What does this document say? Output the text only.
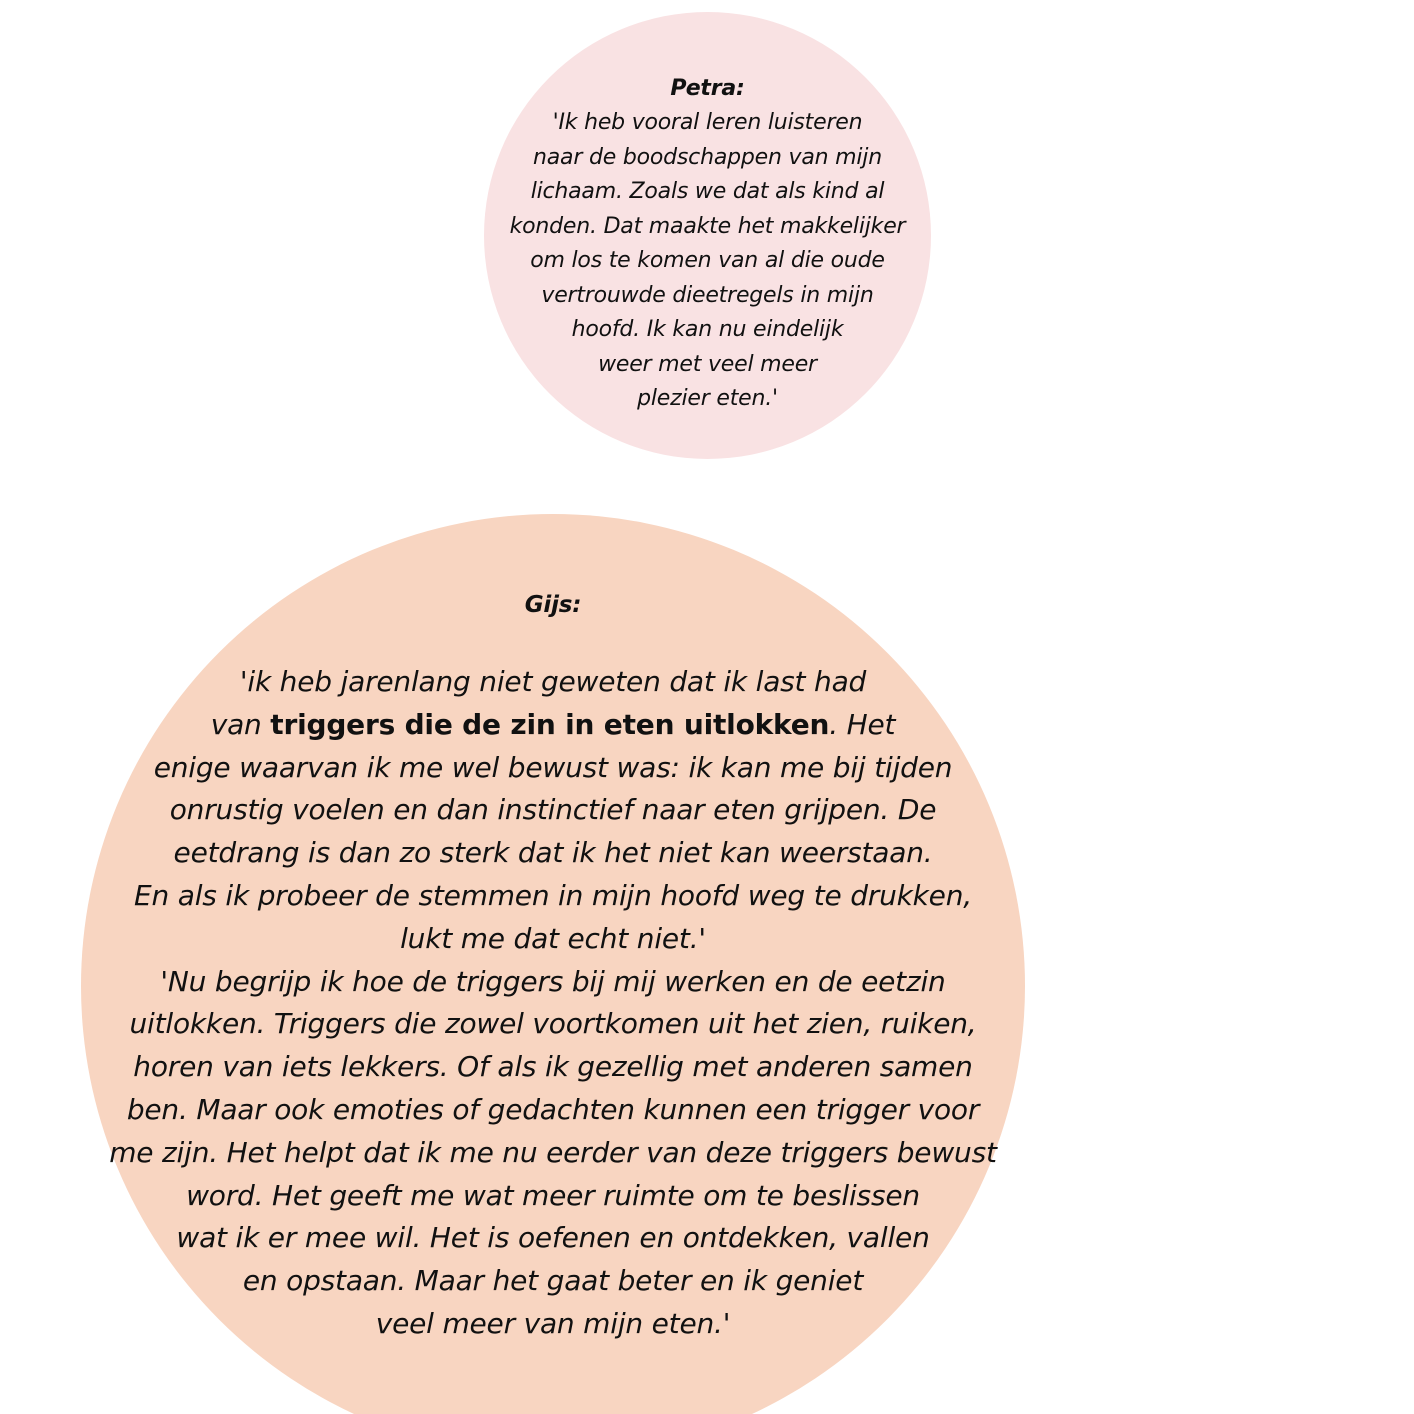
Petra:
'Ik heb vooral leren luisteren
naar de boodschappen van mijn
lichaam. Zoals we dat als kind al
konden. Dat maakte het makkelijker
om los te komen van al die oude
vertrouwde dieetregels in mijn
hoofd. Ik kan nu eindelijk
weer met veel meer
plezier eten.'
Gijs:
'ik heb jarenlang niet geweten dat ik last had
van triggers die de zin in eten uitlokken. Het
enige waarvan ik me wel bewust was: ik kan me bij tijden
onrustig voelen en dan instinctief naar eten grijpen. De
eetdrang is dan zo sterk dat ik het niet kan weerstaan.
En als ik probeer de stemmen in mijn hoofd weg te drukken,
lukt me dat echt niet.'
'Nu begrijp ik hoe de triggers bij mij werken en de eetzin
uitlokken. Triggers die zowel voortkomen uit het zien, ruiken,
horen van iets lekkers. Of als ik gezellig met anderen samen
ben. Maar ook emoties of gedachten kunnen een trigger voor
me zijn. Het helpt dat ik me nu eerder van deze triggers bewust
word. Het geeft me wat meer ruimte om te beslissen
wat ik er mee wil. Het is oefenen en ontdekken, vallen
en opstaan. Maar het gaat beter en ik geniet
veel meer van mijn eten.'
